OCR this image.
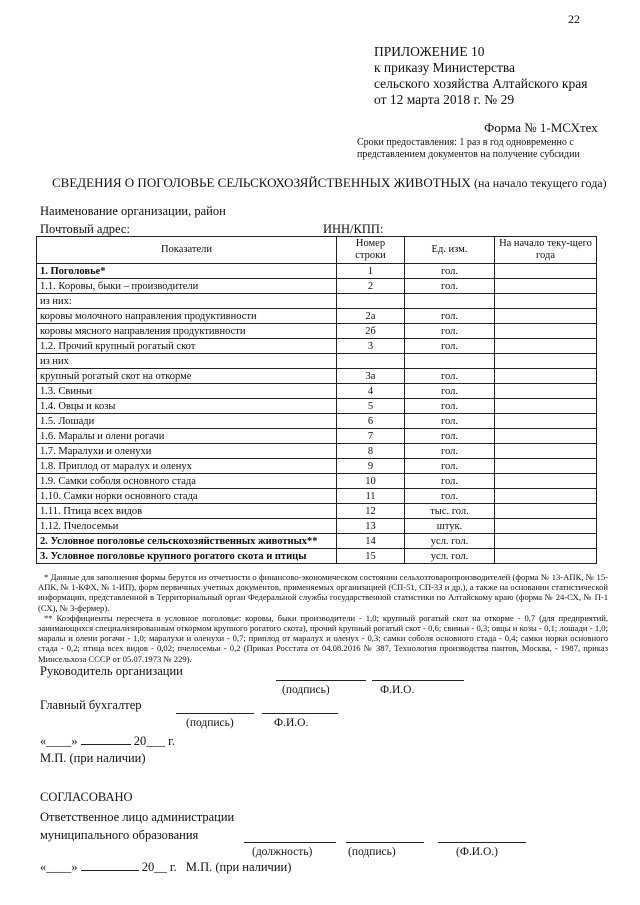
22
ПРИЛОЖЕНИЕ 10
к приказу Министерства
сельского хозяйства Алтайского края
от 12 марта 2018 г. № 29
Форма № 1-МСХтех
Сроки предоставления: 1 раз в год одновременно с
представлением документов на получение субсидии
СВЕДЕНИЯ О ПОГОЛОВЬЕ СЕЛЬСКОХОЗЯЙСТВЕННЫХ ЖИВОТНЫХ (на начало текущего года)
Наименование организации, район
Почтовый адрес:	ИНН/КПП:
Показатели	Номер строки	Ед. изм.	На начало теку-щего года
1. Поголовье*	1	гол.	
1.1. Коровы, быки – производители	2	гол.	
из них:			
коровы молочного направления продуктивности	2а	гол.	
коровы мясного направления продуктивности	2б	гол.	
1.2. Прочий крупный рогатый скот	3	гол.	
из них			
крупный рогатый скот на откорме	3а	гол.	
1.3. Свиньи	4	гол.	
1.4. Овцы и козы	5	гол.	
1.5. Лошади	6	гол.	
1.6. Маралы и олени рогачи	7	гол.	
1.7. Маралухи и оленухи	8	гол.	
1.8. Приплод от маралух и оленух	9	гол.	
1.9. Самки соболя основного стада	10	гол.	
1.10. Самки норки основного стада	11	гол.	
1.11. Птица всех видов	12	тыс. гол.	
1.12. Пчелосемьи	13	штук.	
2. Условное поголовье сельскохозяйственных животных**	14	усл. гол.	
3. Условное поголовье крупного рогатого скота и птицы	15	усл. гол.	

* Данные для заполнения формы берутся из отчетности о финансово-экономическом состоянии сельхозтоваропроизводителей (форма № 13-АПК, № 15-АПК, № 1-КФХ, № 1-ИП), форм первичных учетных документов, применяемых организацией (СП-51, СП-33 и др.), а также на основании статистической информации, представленной в Территориальный орган Федеральной службы государственной статистики по Алтайскому краю (форма № 24-СХ, № П-1 (СХ), № 3-фермер).

** Коэффициенты пересчета в условное поголовье: коровы, быки производители - 1,0; крупный рогатый скот на откорме - 0,7 (для предприятий, занимающихся специализированным откормом крупного рогатого скота), прочий крупный рогатый скот - 0,6; свиньи - 0,3; овцы и козы - 0,1; лошади - 1,0; маралы и олени рогачи - 1,0; маралухи и оленухи - 0,7; приплод от маралух и оленух - 0,3; самки соболя основного стада - 0,4; самки норки основного стада - 0,2; птица всех видов - 0,02; пчелосемьи - 0,2 (Приказ Росстата от 04.08.2016 № 387, Технология производства пантов, Москва, - 1987, приказ Минсельхоза СССР от 05.07.1973 № 229).

Руководитель организации
(подпись)	Ф.И.О.
Главный бухгалтер
(подпись)	Ф.И.О.
«____»	20___ г.
М.П. (при наличии)
СОГЛАСОВАНО
Ответственное лицо администрации
муниципального образования
(должность)	(подпись)	(Ф.И.О.)
«____»	20__ г. М.П. (при наличии)
